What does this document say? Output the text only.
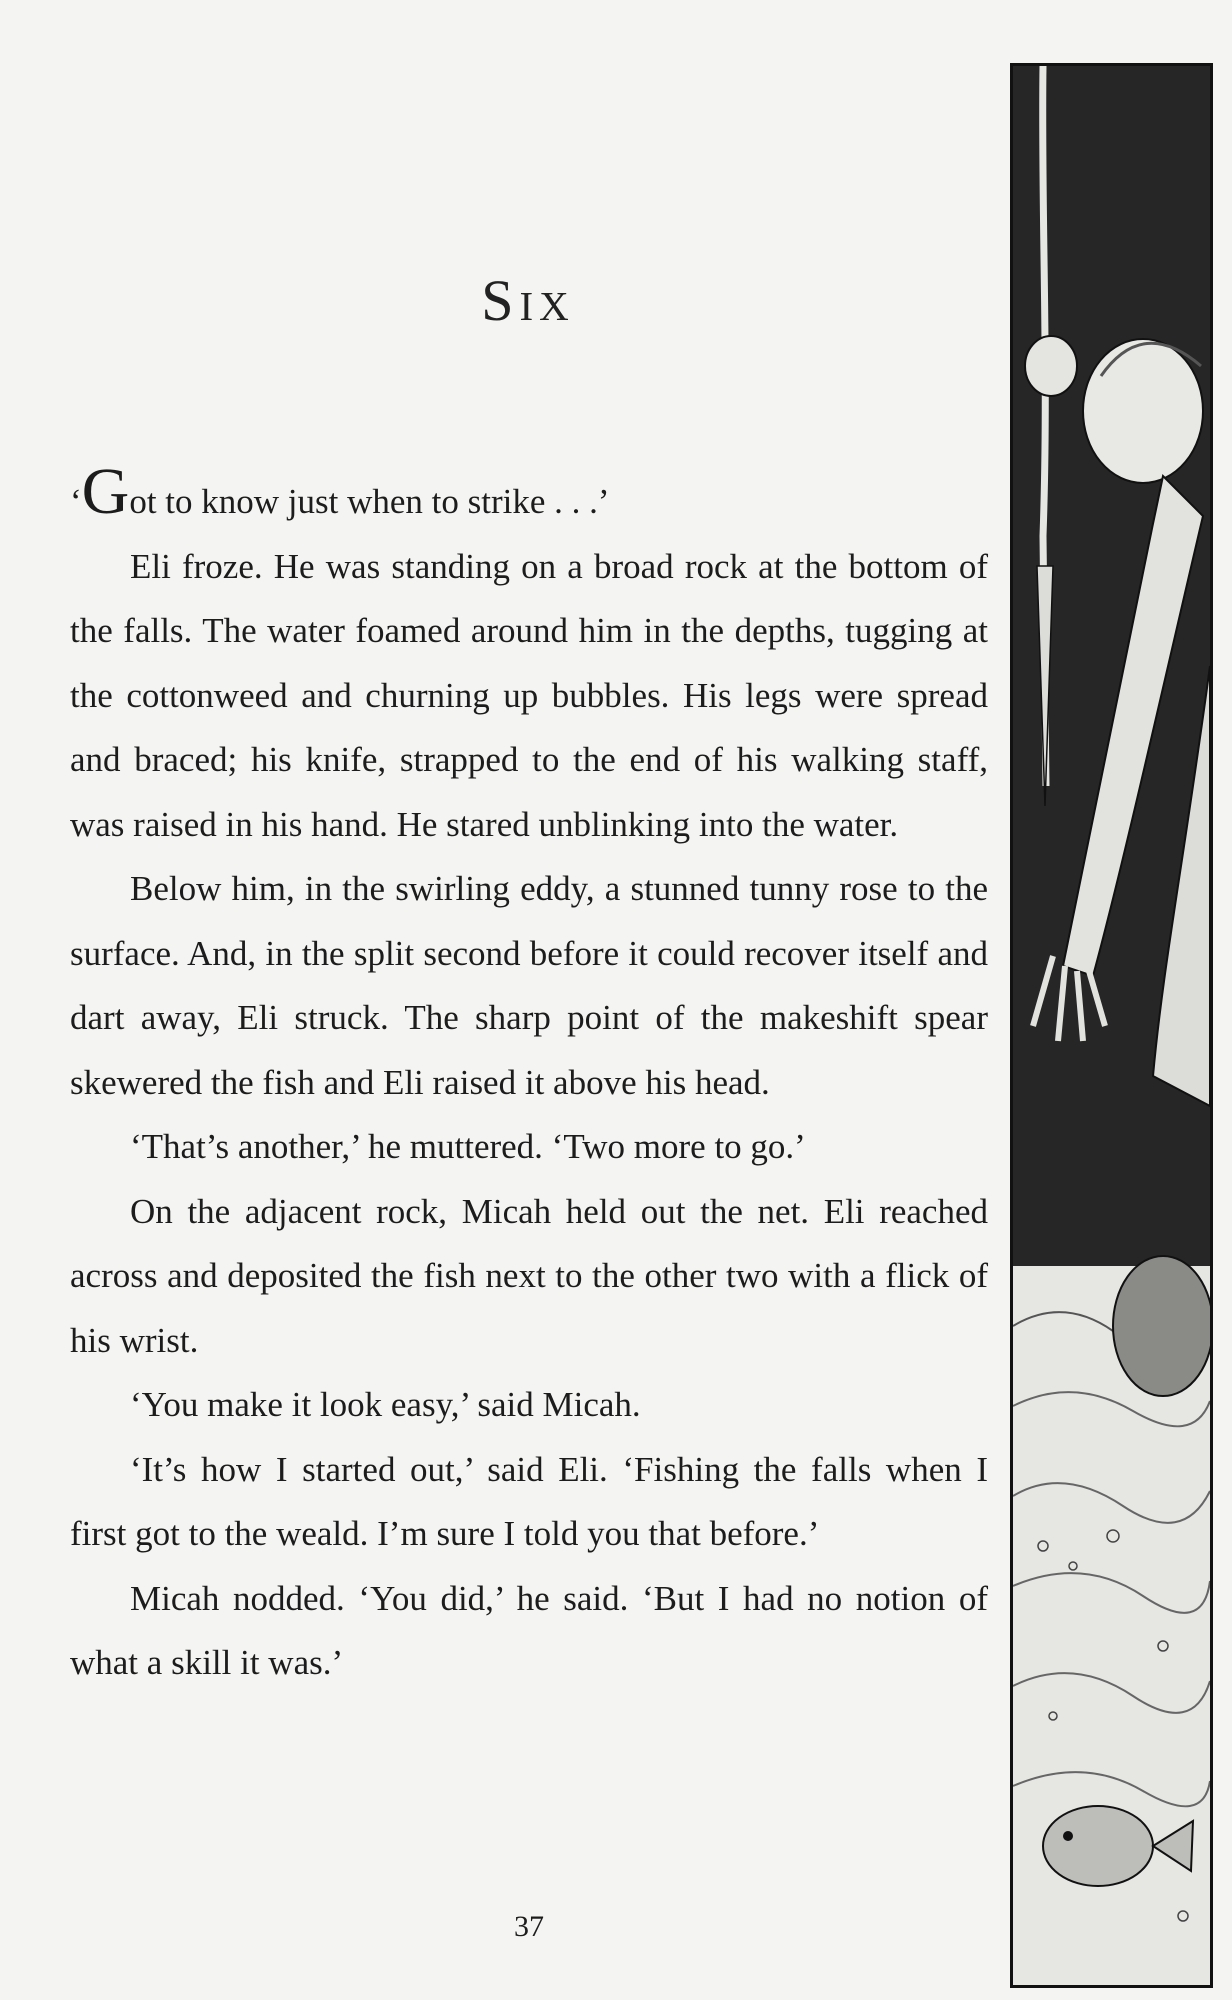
Six

‘Got to know just when to strike . . .’

Eli froze. He was standing on a broad rock at the bottom of the falls. The water foamed around him in the depths, tugging at the cottonweed and churning up bubbles. His legs were spread and braced; his knife, strapped to the end of his walking staff, was raised in his hand. He stared unblinking into the water.

Below him, in the swirling eddy, a stunned tunny rose to the surface. And, in the split second before it could recover itself and dart away, Eli struck. The sharp point of the makeshift spear skewered the fish and Eli raised it above his head.

‘That’s another,’ he muttered. ‘Two more to go.’

On the adjacent rock, Micah held out the net. Eli reached across and deposited the fish next to the other two with a flick of his wrist.

‘You make it look easy,’ said Micah.

‘It’s how I started out,’ said Eli. ‘Fishing the falls when I first got to the weald. I’m sure I told you that before.’

Micah nodded. ‘You did,’ he said. ‘But I had no notion of what a skill it was.’

37
